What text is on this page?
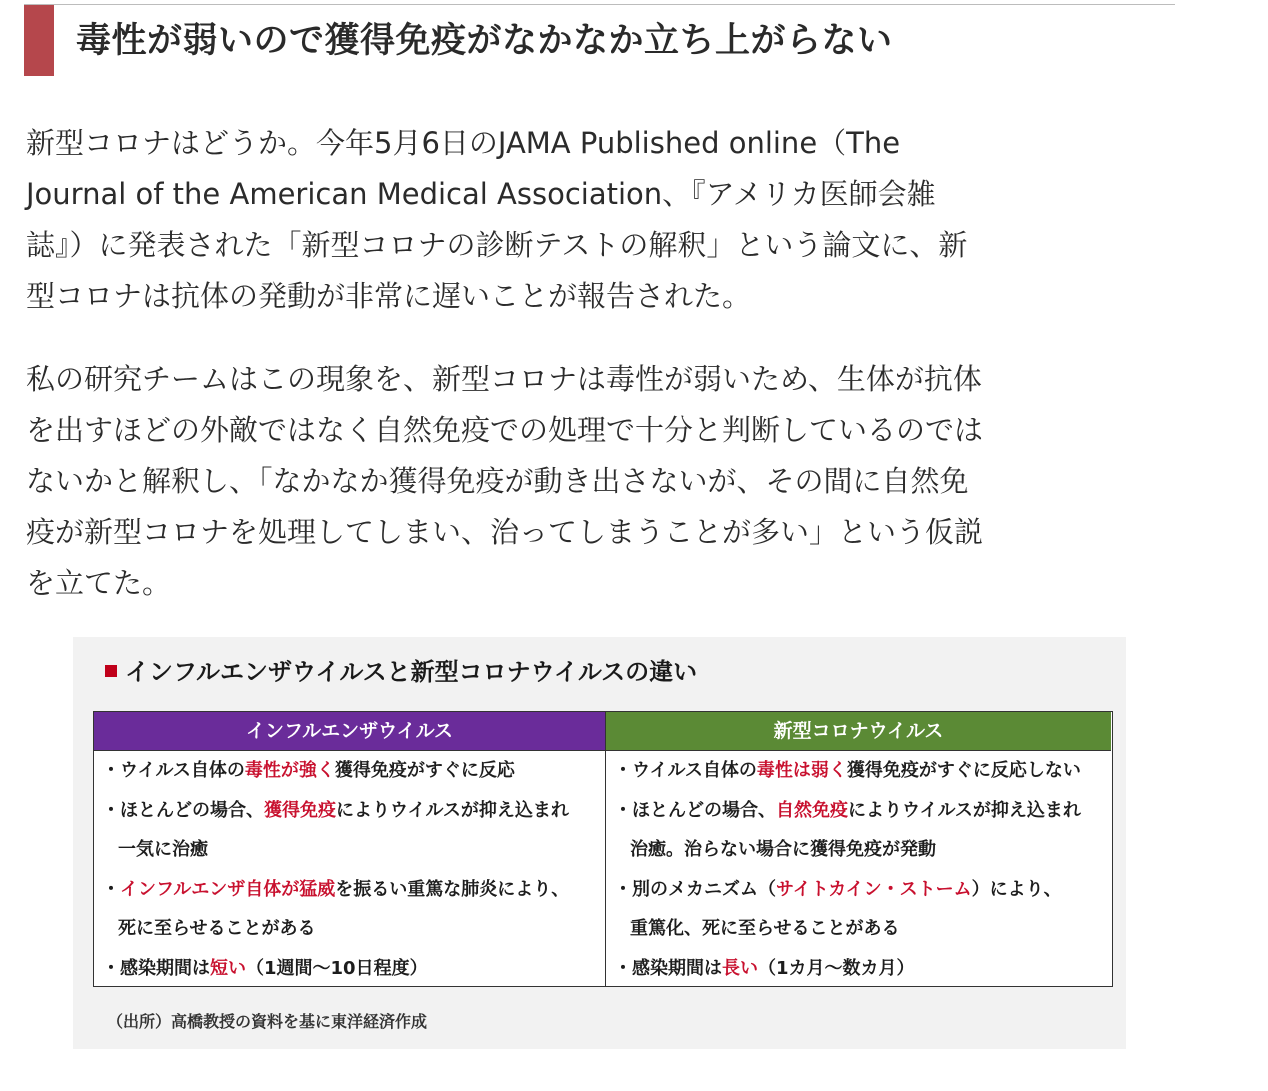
毒性が弱いので獲得免疫がなかなか立ち上がらない

新型コロナはどうか。今年5月6日のJAMA Published online（The
Journal of the American Medical Association、『アメリカ医師会雑
誌』）に発表された「新型コロナの診断テストの解釈」という論文に、新
型コロナは抗体の発動が非常に遅いことが報告された。

私の研究チームはこの現象を、新型コロナは毒性が弱いため、生体が抗体
を出すほどの外敵ではなく自然免疫での処理で十分と判断しているのでは
ないかと解釈し、「なかなか獲得免疫が動き出さないが、その間に自然免
疫が新型コロナを処理してしまい、治ってしまうことが多い」という仮説
を立てた。

インフルエンザウイルスと新型コロナウイルスの違い
インフルエンザウイルス
・ウイルス自体の毒性が強く獲得免疫がすぐに反応
・ほとんどの場合、獲得免疫によりウイルスが抑え込まれ
一気に治癒
・インフルエンザ自体が猛威を振るい重篤な肺炎により、
死に至らせることがある
・感染期間は短い（1週間～10日程度）
新型コロナウイルス
・ウイルス自体の毒性は弱く獲得免疫がすぐに反応しない
・ほとんどの場合、自然免疫によりウイルスが抑え込まれ
治癒。治らない場合に獲得免疫が発動
・別のメカニズム（サイトカイン・ストーム）により、
重篤化、死に至らせることがある
・感染期間は長い（1カ月～数カ月）
（出所）高橋教授の資料を基に東洋経済作成
